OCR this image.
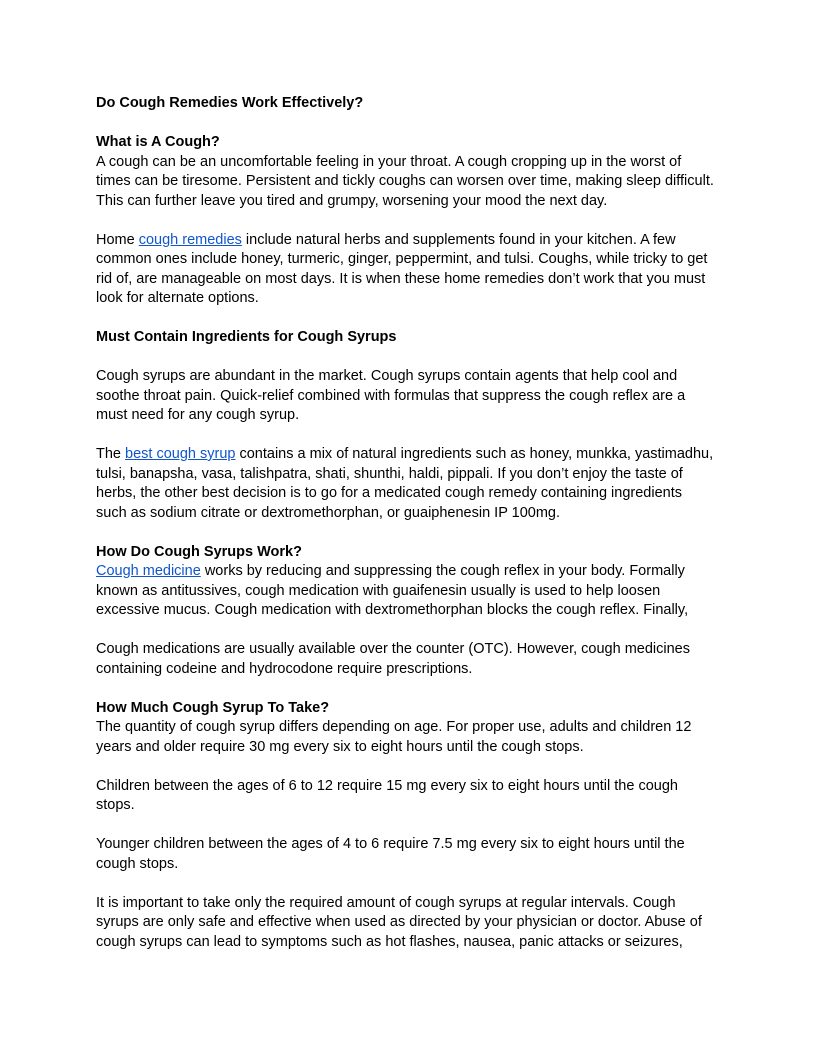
Do Cough Remedies Work Effectively?
What is A Cough?
A cough can be an uncomfortable feeling in your throat. A cough cropping up in the worst of
times can be tiresome. Persistent and tickly coughs can worsen over time, making sleep difficult.
This can further leave you tired and grumpy, worsening your mood the next day.
Home cough remedies include natural herbs and supplements found in your kitchen. A few
common ones include honey, turmeric, ginger, peppermint, and tulsi. Coughs, while tricky to get
rid of, are manageable on most days. It is when these home remedies don’t work that you must
look for alternate options.
Must Contain Ingredients for Cough Syrups
Cough syrups are abundant in the market. Cough syrups contain agents that help cool and
soothe throat pain. Quick-relief combined with formulas that suppress the cough reflex are a
must need for any cough syrup.
The best cough syrup contains a mix of natural ingredients such as honey, munkka, yastimadhu,
tulsi, banapsha, vasa, talishpatra, shati, shunthi, haldi, pippali. If you don’t enjoy the taste of
herbs, the other best decision is to go for a medicated cough remedy containing ingredients
such as sodium citrate or dextromethorphan, or guaiphenesin IP 100mg.
How Do Cough Syrups Work?
Cough medicine works by reducing and suppressing the cough reflex in your body. Formally
known as antitussives, cough medication with guaifenesin usually is used to help loosen
excessive mucus. Cough medication with dextromethorphan blocks the cough reflex. Finally,
Cough medications are usually available over the counter (OTC). However, cough medicines
containing codeine and hydrocodone require prescriptions.
How Much Cough Syrup To Take?
The quantity of cough syrup differs depending on age. For proper use, adults and children 12
years and older require 30 mg every six to eight hours until the cough stops.
Children between the ages of 6 to 12 require 15 mg every six to eight hours until the cough
stops.
Younger children between the ages of 4 to 6 require 7.5 mg every six to eight hours until the
cough stops.
It is important to take only the required amount of cough syrups at regular intervals. Cough
syrups are only safe and effective when used as directed by your physician or doctor. Abuse of
cough syrups can lead to symptoms such as hot flashes, nausea, panic attacks or seizures,
